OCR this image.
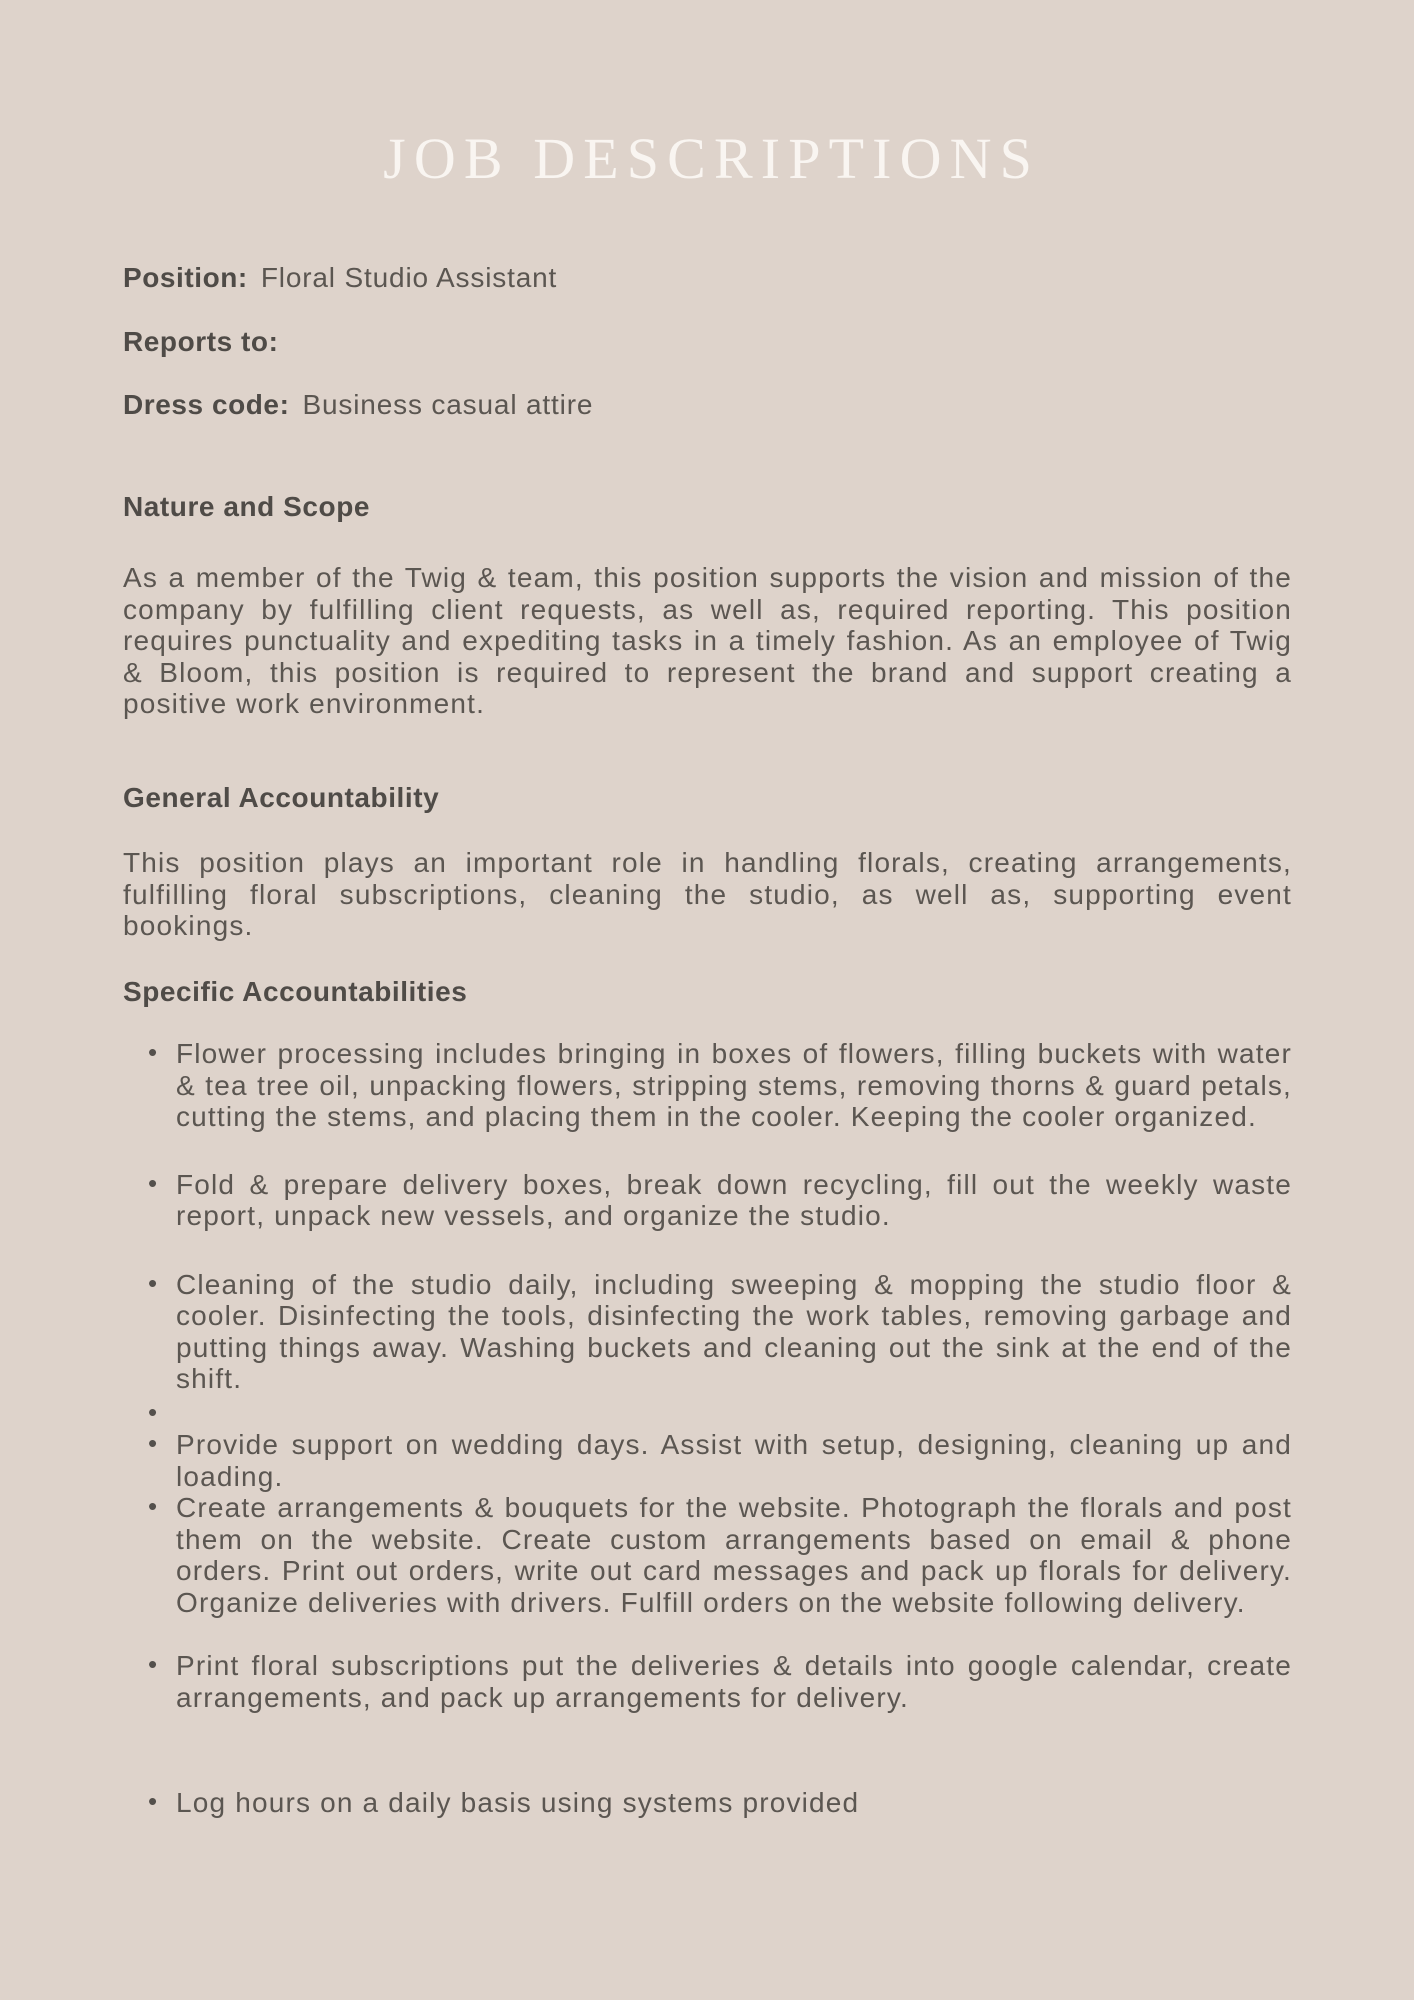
JOB DESCRIPTIONS
Position: Floral Studio Assistant
Reports to:
Dress code: Business casual attire
Nature and Scope

As a member of the Twig & team, this position supports the vision and mission of the company by fulfilling client requests, as well as, required reporting. This position requires punctuality and expediting tasks in a timely fashion. As an employee of Twig & Bloom, this position is required to represent the brand and support creating a positive work environment.

General Accountability

This position plays an important role in handling florals, creating arrangements, fulfilling floral subscriptions, cleaning the studio, as well as, supporting event bookings.

Specific Accountabilities
• Flower processing includes bringing in boxes of flowers, filling buckets with water & tea tree oil, unpacking flowers, stripping stems, removing thorns & guard petals, cutting the stems, and placing them in the cooler. Keeping the cooler organized.
• Fold & prepare delivery boxes, break down recycling, fill out the weekly waste report, unpack new vessels, and organize the studio.
• Cleaning of the studio daily, including sweeping & mopping the studio floor & cooler. Disinfecting the tools, disinfecting the work tables, removing garbage and putting things away. Washing buckets and cleaning out the sink at the end of the shift.
•
• Provide support on wedding days. Assist with setup, designing, cleaning up and loading.
• Create arrangements & bouquets for the website. Photograph the florals and post them on the website. Create custom arrangements based on email & phone orders. Print out orders, write out card messages and pack up florals for delivery. Organize deliveries with drivers. Fulfill orders on the website following delivery.
• Print floral subscriptions put the deliveries & details into google calendar, create arrangements, and pack up arrangements for delivery.
• Log hours on a daily basis using systems provided
